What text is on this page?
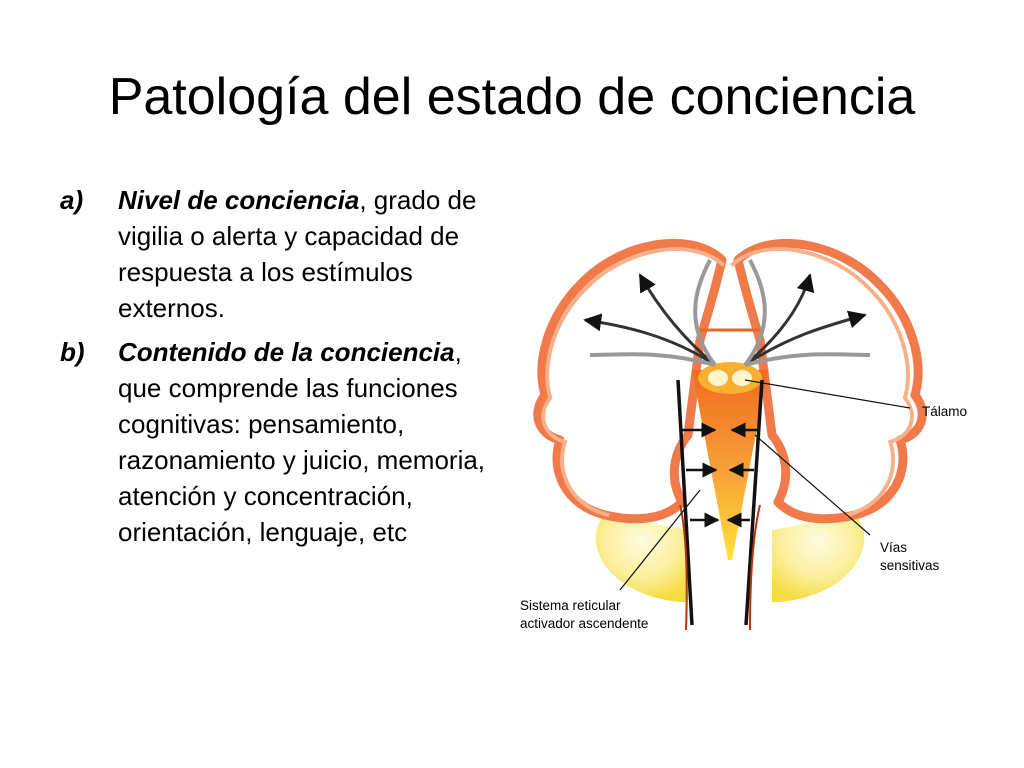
Patología del estado de conciencia
a)	Nivel de conciencia, grado de vigilia o alerta y capacidad de respuesta a los estímulos externos.
b)	Contenido de la conciencia, que comprende las funciones cognitivas: pensamiento, razonamiento y juicio, memoria, atención y concentración, orientación, lenguaje, etc
Tálamo
Vías
sensitivas
Sistema reticular
activador ascendente
